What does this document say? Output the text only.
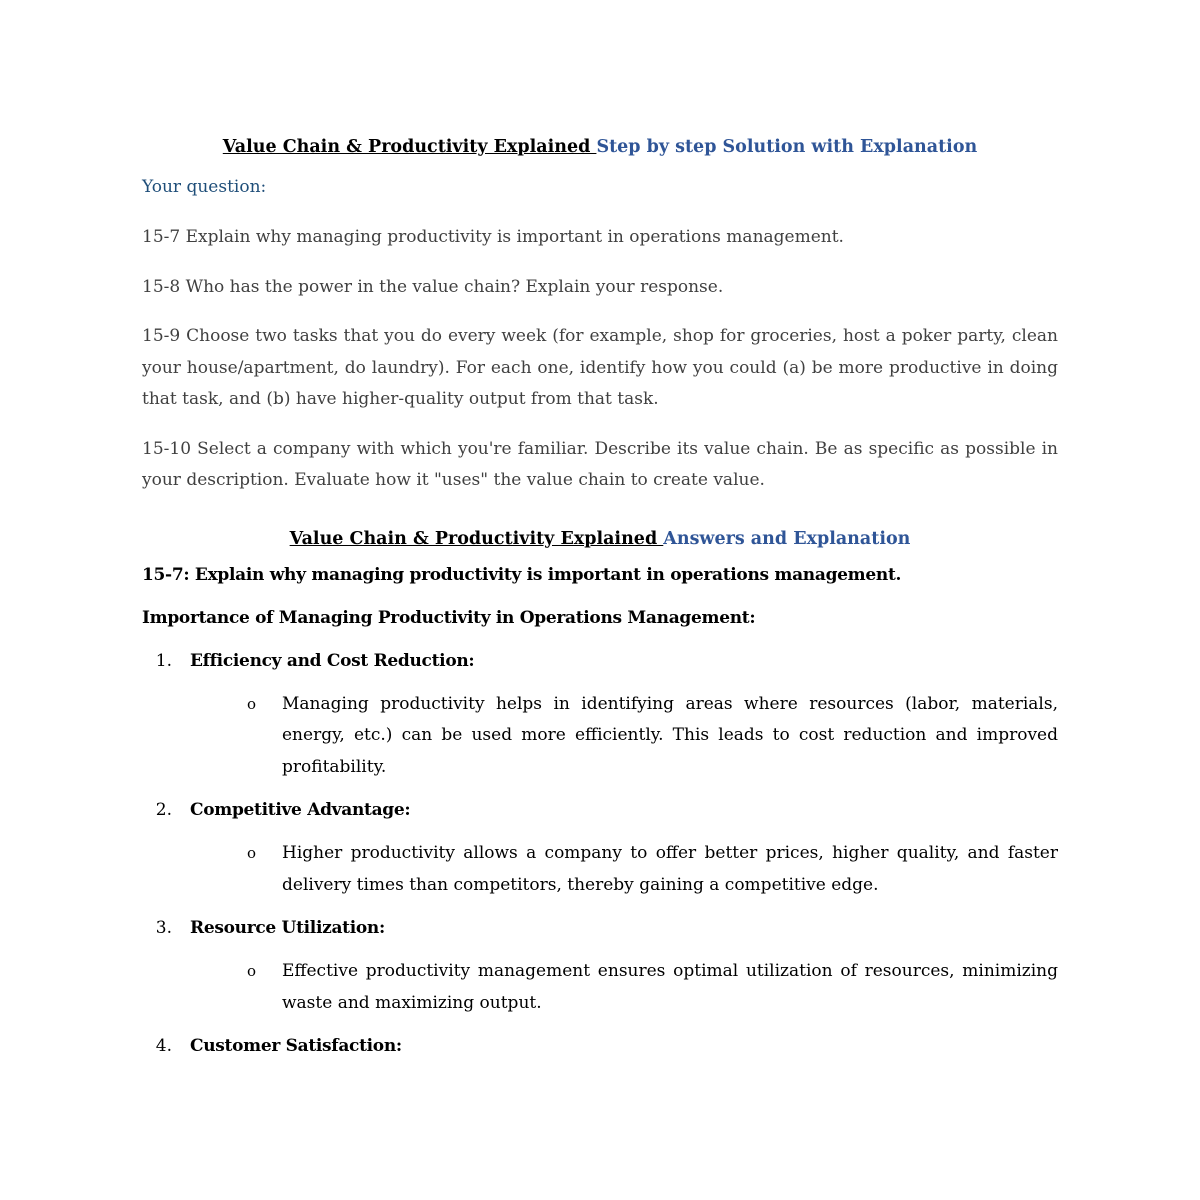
Value Chain & Productivity Explained Step by step Solution with Explanation

Your question:

15-7 Explain why managing productivity is important in operations management.

15-8 Who has the power in the value chain? Explain your response.

15-9 Choose two tasks that you do every week (for example, shop for groceries, host a poker party, clean your house/apartment, do laundry). For each one, identify how you could (a) be more productive in doing that task, and (b) have higher-quality output from that task.

15-10 Select a company with which you're familiar. Describe its value chain. Be as specific as possible in your description. Evaluate how it "uses" the value chain to create value.

Value Chain & Productivity Explained Answers and Explanation

15-7: Explain why managing productivity is important in operations management.

Importance of Managing Productivity in Operations Management:

1.	Efficiency and Cost Reduction:
o	Managing productivity helps in identifying areas where resources (labor, materials, energy, etc.) can be used more efficiently. This leads to cost reduction and improved profitability.
2.	Competitive Advantage:
o	Higher productivity allows a company to offer better prices, higher quality, and faster delivery times than competitors, thereby gaining a competitive edge.
3.	Resource Utilization:
o	Effective productivity management ensures optimal utilization of resources, minimizing waste and maximizing output.
4.	Customer Satisfaction:
